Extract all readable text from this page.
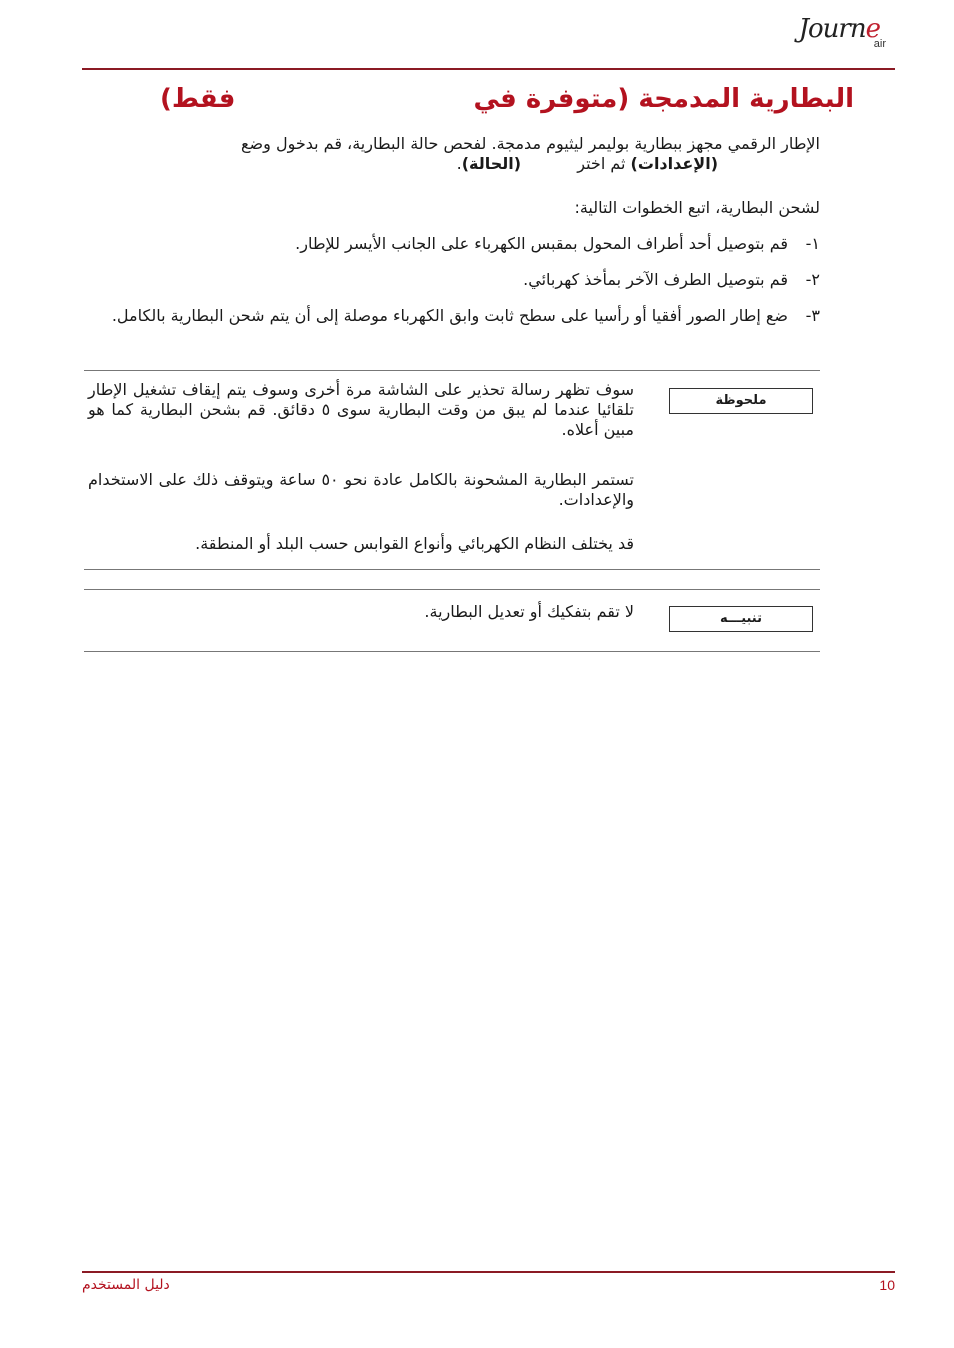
Journe
air
البطارية المدمجة (متوفرة في
فقط)
الإطار الرقمي مجهز ببطارية بوليمر ليثيوم مدمجة. لفحص حالة البطارية، قم بدخول وضع
(الإعدادات) ثم اختر  (الحالة).
لشحن البطارية، اتبع الخطوات التالية:
١-
قم بتوصيل أحد أطراف المحول بمقبس الكهرباء على الجانب الأيسر للإطار.
٢-
قم بتوصيل الطرف الآخر بمأخذ كهربائي.
٣-
ضع إطار الصور أفقيا أو رأسيا على سطح ثابت وابق الكهرباء موصلة إلى أن يتم شحن البطارية بالكامل.
ملحوظة
سوف تظهر رسالة تحذير على الشاشة مرة أخرى وسوف يتم إيقاف تشغيل الإطار تلقائيا عندما لم يبق من وقت البطارية سوى ٥ دقائق. قم بشحن البطارية كما هو مبين أعلاه.
تستمر البطارية المشحونة بالكامل عادة نحو ٥٠ ساعة ويتوقف ذلك على الاستخدام والإعدادات.
قد يختلف النظام الكهربائي وأنواع القوابس حسب البلد أو المنطقة.
تنبيـــه
لا تقم بتفكيك أو تعديل البطارية.
دليل المستخدم	10
